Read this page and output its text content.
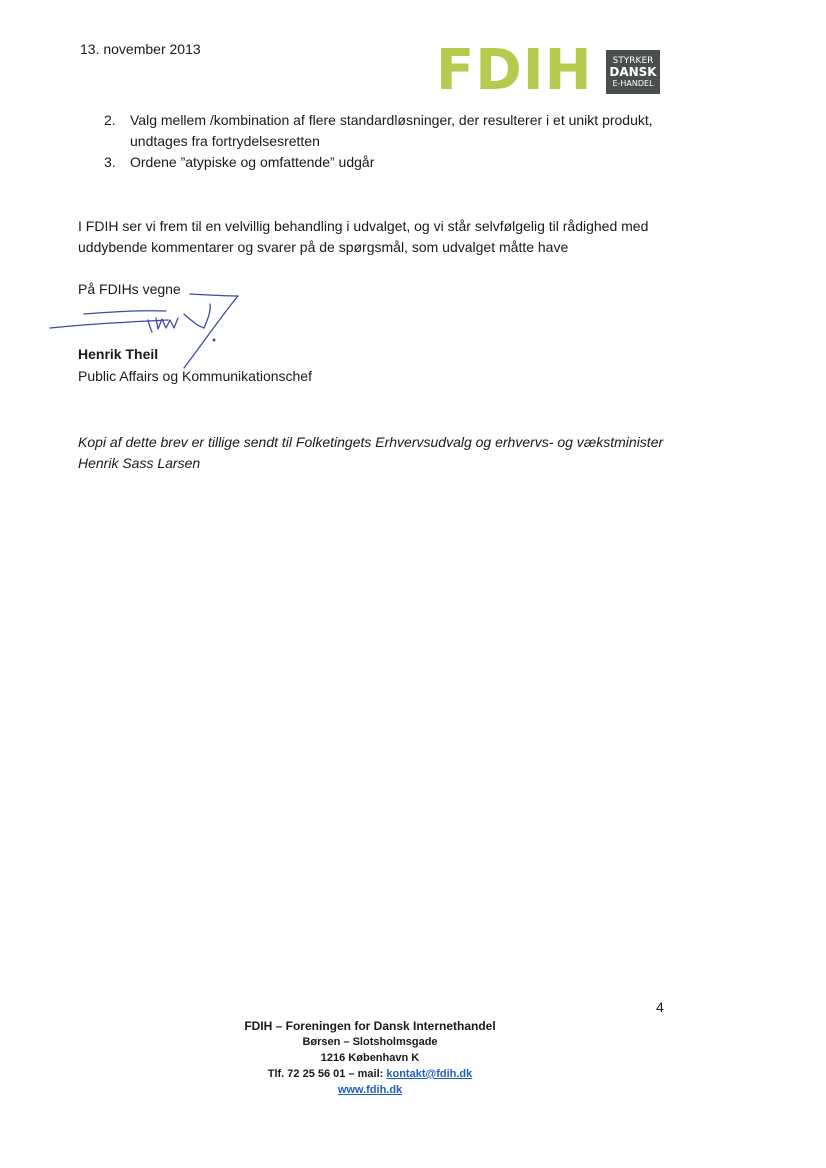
13. november 2013	FDIH STYRKER
DANSK
E-HANDEL
2. Valg mellem /kombination af flere standardløsninger, der resulterer i et unikt produkt, undtages fra fortrydelsesretten
3. Ordene ”atypiske og omfattende” udgår
I FDIH ser vi frem til en velvillig behandling i udvalget, og vi står selvfølgelig til rådighed med uddybende kommentarer og svarer på de spørgsmål, som udvalget måtte have
På FDIHs vegne
Henrik Theil
Public Affairs og Kommunikationschef
Kopi af dette brev er tillige sendt til Folketingets Erhvervsudvalg og erhvervs- og vækstminister Henrik Sass Larsen
4
FDIH – Foreningen for Dansk Internethandel
Børsen – Slotsholmsgade
1216 København K
Tlf. 72 25 56 01 – mail: kontakt@fdih.dk
www.fdih.dk
